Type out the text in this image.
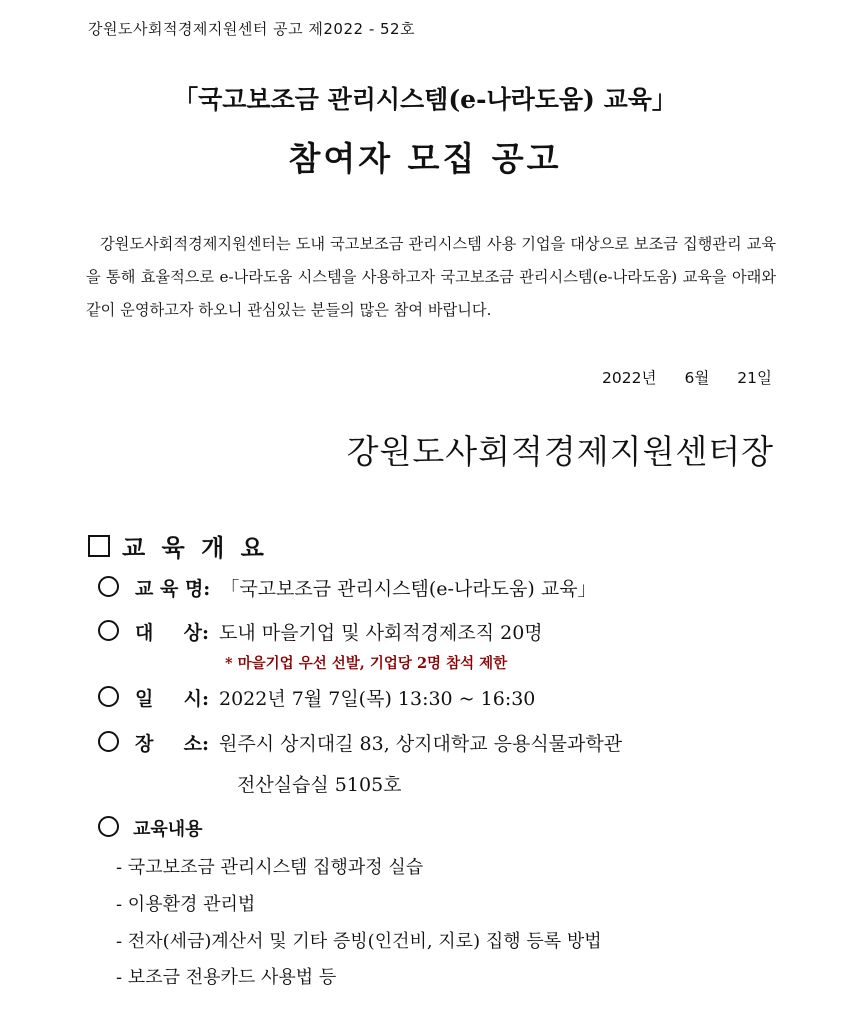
강원도사회적경제지원센터 공고 제2022 - 52호
「국고보조금 관리시스템(e-나라도움) 교육」
참여자 모집 공고
강원도사회적경제지원센터는 도내 국고보조금 관리시스템 사용 기업을 대상으로 보조금 집행관리 교육을 통해 효율적으로 e-나라도움 시스템을 사용하고자 국고보조금 관리시스템(e-나라도움) 교육을 아래와 같이 운영하고자 하오니 관심있는 분들의 많은 참여 바랍니다.
2022년 6월 21일
강원도사회적경제지원센터장
교 육 개 요
교 육 명: 「국고보조금 관리시스템(e-나라도움) 교육」
대 상: 도내 마을기업 및 사회적경제조직 20명
* 마을기업 우선 선발, 기업당 2명 참석 제한
일 시: 2022년 7월 7일(목) 13:30 ~ 16:30
장 소: 원주시 상지대길 83, 상지대학교 응용식물과학관
전산실습실 5105호
교육내용
- 국고보조금 관리시스템 집행과정 실습
- 이용환경 관리법
- 전자(세금)계산서 및 기타 증빙(인건비, 지로) 집행 등록 방법
- 보조금 전용카드 사용법 등
